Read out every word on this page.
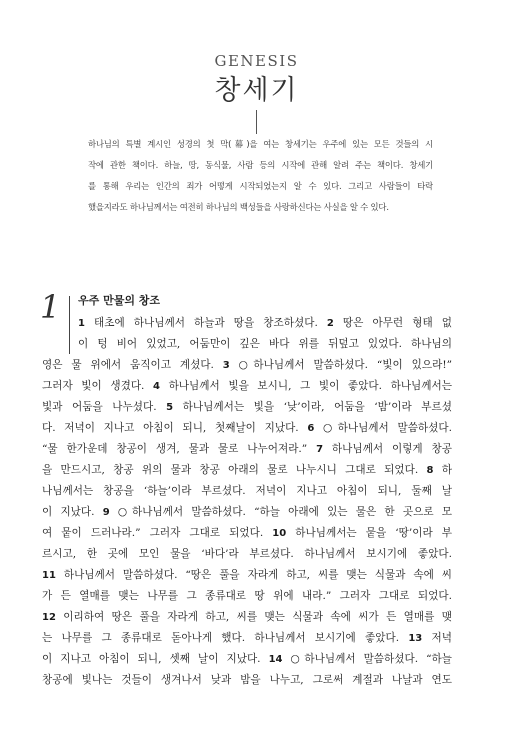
GENESIS
창세기
하나님의 특별 계시인 성경의 첫 막(幕)을 여는 창세기는 우주에 있는 모든 것들의 시
작에 관한 책이다. 하늘, 땅, 동식물, 사람 등의 시작에 관해 알려 주는 책이다. 창세기
를 통해 우리는 인간의 죄가 어떻게 시작되었는지 알 수 있다. 그리고 사람들이 타락
했을지라도 하나님께서는 여전히 하나님의 백성들을 사랑하신다는 사실을 알 수 있다.
1	우주 만물의 창조
1 태초에 하나님께서 하늘과 땅을 창조하셨다. 2 땅은 아무런 형태 없
이 텅 비어 있었고, 어둠만이 깊은 바다 위를 뒤덮고 있었다. 하나님의
영은 물 위에서 움직이고 계셨다. 3 ○하나님께서 말씀하셨다. “빛이 있으라!”
그러자 빛이 생겼다. 4 하나님께서 빛을 보시니, 그 빛이 좋았다. 하나님께서는
빛과 어둠을 나누셨다. 5 하나님께서는 빛을 ‘낮’이라, 어둠을 ‘밤’이라 부르셨
다. 저녁이 지나고 아침이 되니, 첫째날이 지났다. 6 ○하나님께서 말씀하셨다.
“물 한가운데 창공이 생겨, 물과 물로 나누어져라.” 7 하나님께서 이렇게 창공
을 만드시고, 창공 위의 물과 창공 아래의 물로 나누시니 그대로 되었다. 8 하
나님께서는 창공을 ‘하늘’이라 부르셨다. 저녁이 지나고 아침이 되니, 둘째 날
이 지났다. 9 ○하나님께서 말씀하셨다. “하늘 아래에 있는 물은 한 곳으로 모
여 뭍이 드러나라.” 그러자 그대로 되었다. 10 하나님께서는 뭍을 ‘땅’이라 부
르시고, 한 곳에 모인 물을 ‘바다’라 부르셨다. 하나님께서 보시기에 좋았다.
11 하나님께서 말씀하셨다. “땅은 풀을 자라게 하고, 씨를 맺는 식물과 속에 씨
가 든 열매를 맺는 나무를 그 종류대로 땅 위에 내라.” 그러자 그대로 되었다.
12 이리하여 땅은 풀을 자라게 하고, 씨를 맺는 식물과 속에 씨가 든 열매를 맺
는 나무를 그 종류대로 돋아나게 했다. 하나님께서 보시기에 좋았다. 13 저녁
이 지나고 아침이 되니, 셋째 날이 지났다. 14 ○하나님께서 말씀하셨다. “하늘
창공에 빛나는 것들이 생겨나서 낮과 밤을 나누고, 그로써 계절과 나날과 연도
